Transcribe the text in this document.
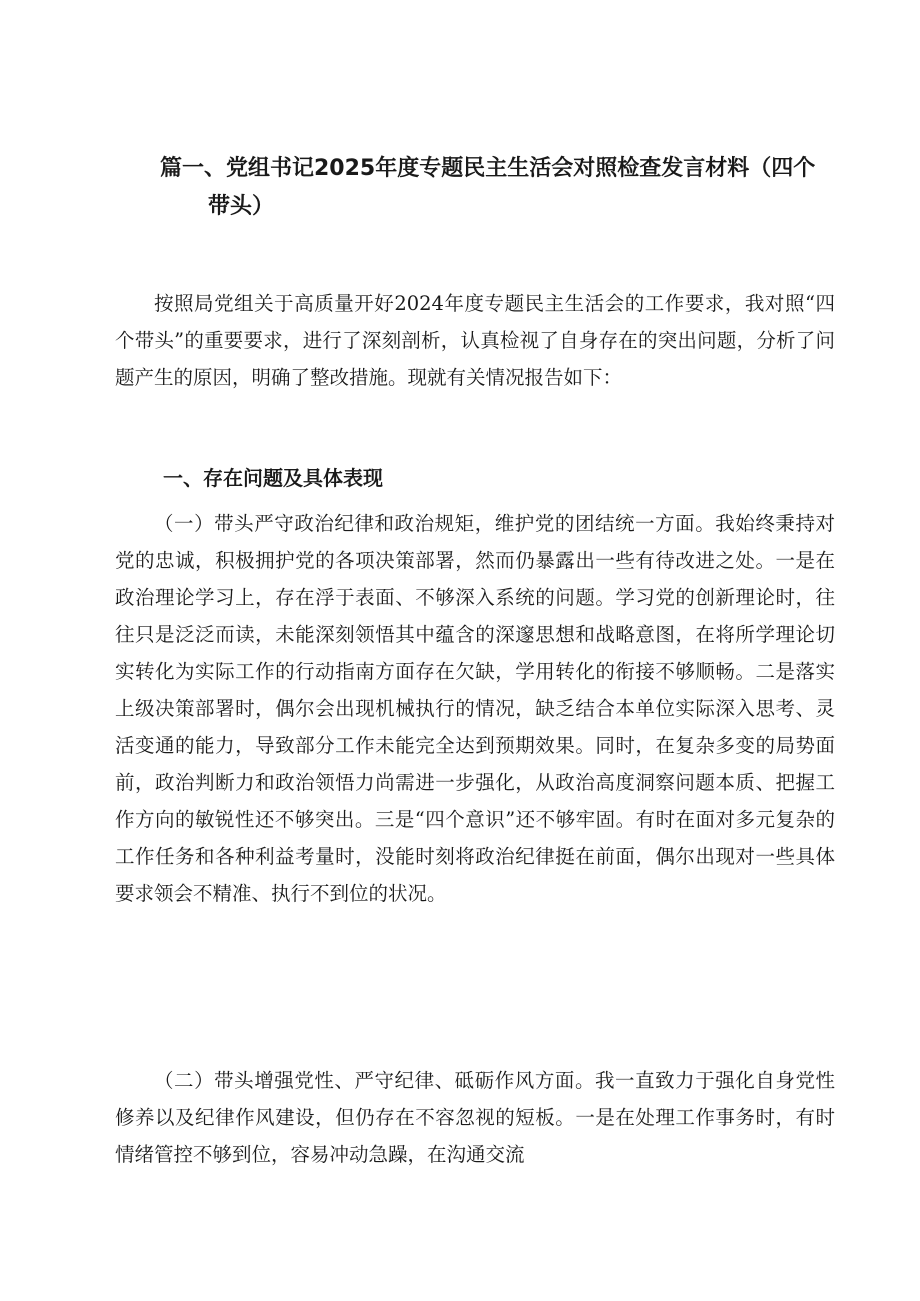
篇一、党组书记2025年度专题民主生活会对照检查发言材料（四个
带头）

按照局党组关于高质量开好2024年度专题民主生活会的工作要求，我对照“四个带头”的重要要求，进行了深刻剖析，认真检视了自身存在的突出问题，分析了问题产生的原因，明确了整改措施。现就有关情况报告如下：

一、存在问题及具体表现

（一）带头严守政治纪律和政治规矩，维护党的团结统一方面。我始终秉持对党的忠诚，积极拥护党的各项决策部署，然而仍暴露出一些有待改进之处。一是在政治理论学习上，存在浮于表面、不够深入系统的问题。学习党的创新理论时，往往只是泛泛而读，未能深刻领悟其中蕴含的深邃思想和战略意图，在将所学理论切实转化为实际工作的行动指南方面存在欠缺，学用转化的衔接不够顺畅。二是落实上级决策部署时，偶尔会出现机械执行的情况，缺乏结合本单位实际深入思考、灵活变通的能力，导致部分工作未能完全达到预期效果。同时，在复杂多变的局势面前，政治判断力和政治领悟力尚需进一步强化，从政治高度洞察问题本质、把握工作方向的敏锐性还不够突出。三是“四个意识”还不够牢固。有时在面对多元复杂的工作任务和各种利益考量时，没能时刻将政治纪律挺在前面，偶尔出现对一些具体要求领会不精准、执行不到位的状况。

（二）带头增强党性、严守纪律、砥砺作风方面。我一直致力于强化自身党性修养以及纪律作风建设，但仍存在不容忽视的短板。一是在处理工作事务时，有时情绪管控不够到位，容易冲动急躁，在沟通交流
